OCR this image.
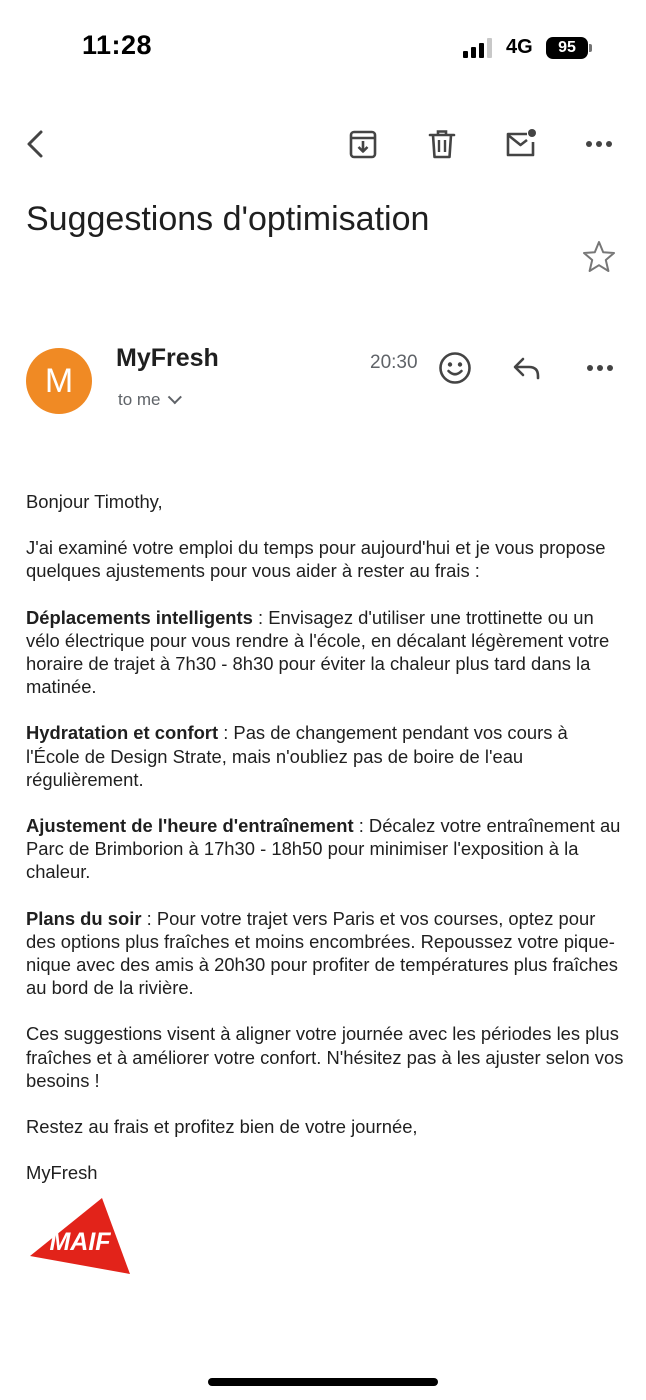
11:28	4G	95
Suggestions d'optimisation
M
MyFresh
to me
20:30

Bonjour Timothy,

J'ai examiné votre emploi du temps pour aujourd'hui et je vous propose quelques ajustements pour vous aider à rester au frais :

Déplacements intelligents : Envisagez d'utiliser une trottinette ou un vélo électrique pour vous rendre à l'école, en décalant légèrement votre horaire de trajet à 7h30 - 8h30 pour éviter la chaleur plus tard dans la matinée.

Hydratation et confort : Pas de changement pendant vos cours à l'École de Design Strate, mais n'oubliez pas de boire de l'eau régulièrement.

Ajustement de l'heure d'entraînement : Décalez votre entraînement au Parc de Brimborion à 17h30 - 18h50 pour minimiser l'exposition à la chaleur.

Plans du soir : Pour votre trajet vers Paris et vos courses, optez pour des options plus fraîches et moins encombrées. Repoussez votre pique-nique avec des amis à 20h30 pour profiter de températures plus fraîches au bord de la rivière.

Ces suggestions visent à aligner votre journée avec les périodes les plus fraîches et à améliorer votre confort. N'hésitez pas à les ajuster selon vos besoins !

Restez au frais et profitez bien de votre journée,

MyFresh

MAIF
